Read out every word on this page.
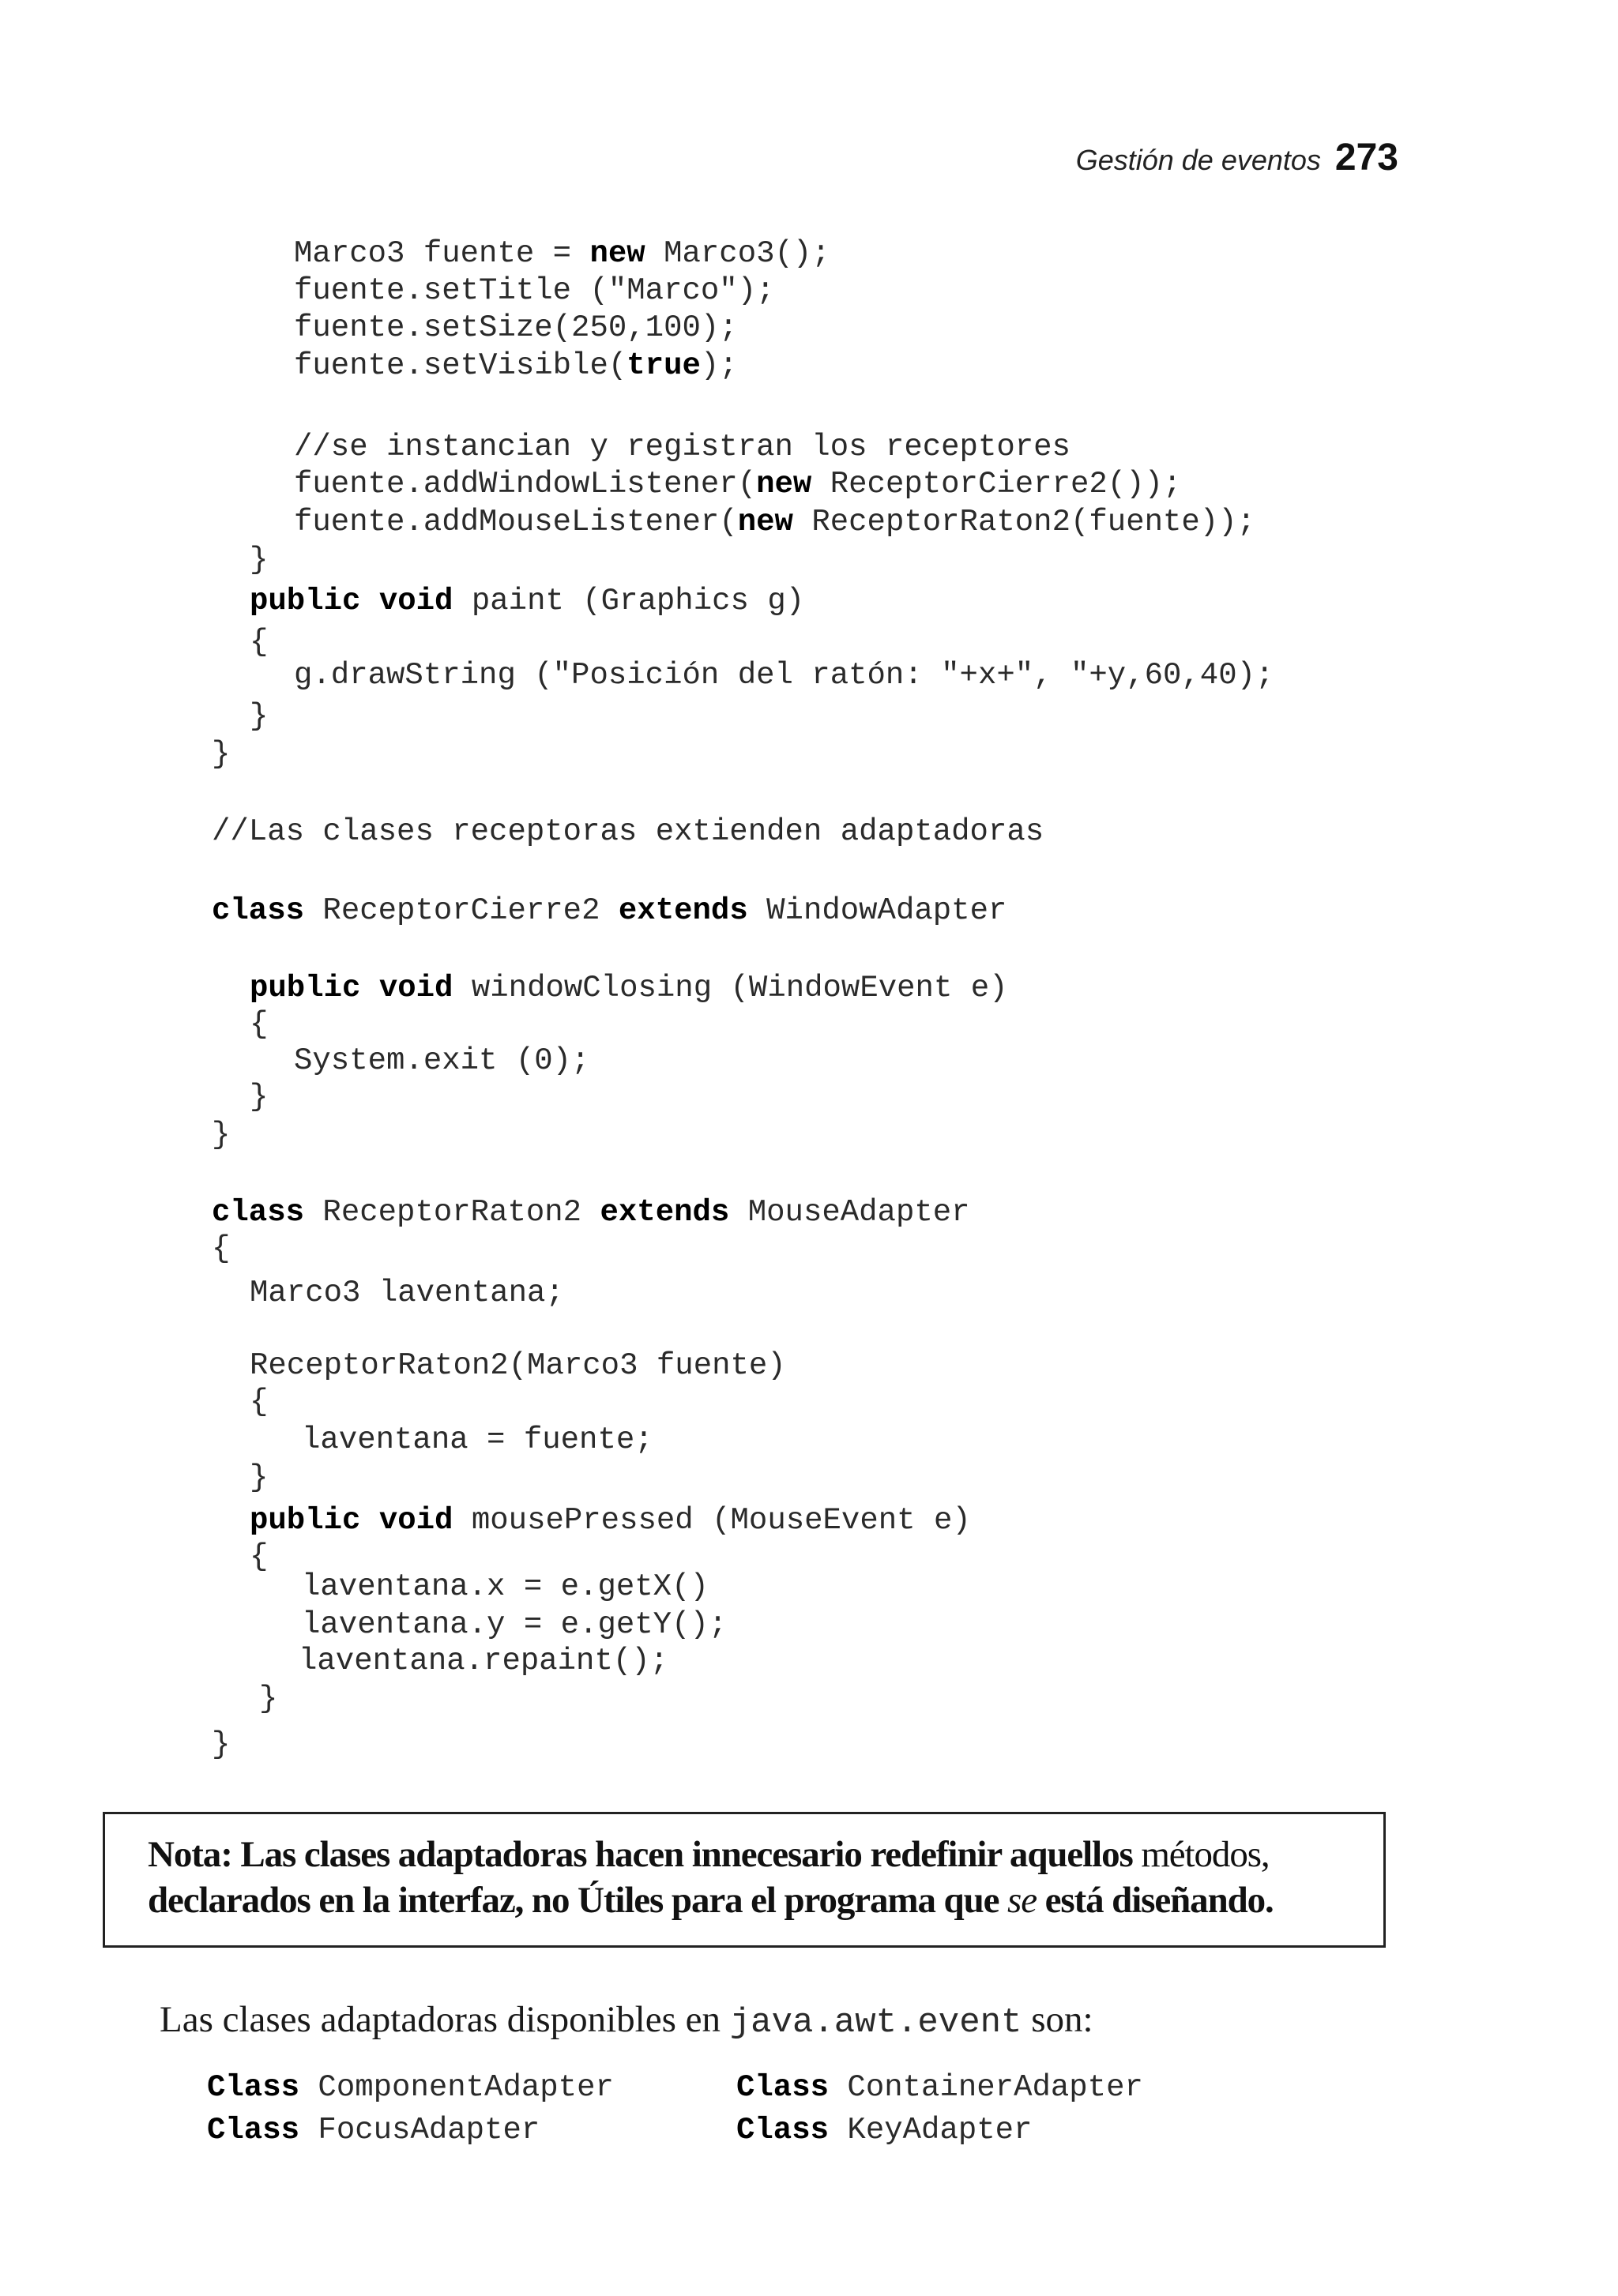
Gestión de eventos 273
Marco3 fuente = new Marco3();
fuente.setTitle ("Marco");
fuente.setSize(250,100);
fuente.setVisible(true);
//se instancian y registran los receptores
fuente.addWindowListener(new ReceptorCierre2());
fuente.addMouseListener(new ReceptorRaton2(fuente));
}
public void paint (Graphics g)
{
g.drawString ("Posición del ratón: "+x+", "+y,60,40);
}
}
//Las clases receptoras extienden adaptadoras
class ReceptorCierre2 extends WindowAdapter
public void windowClosing (WindowEvent e)
{
System.exit (0);
}
}
class ReceptorRaton2 extends MouseAdapter
{
Marco3 laventana;
ReceptorRaton2(Marco3 fuente)
{
laventana = fuente;
}
public void mousePressed (MouseEvent e)
{
laventana.x = e.getX()
laventana.y = e.getY();
laventana.repaint();
}
}
Nota: Las clases adaptadoras hacen innecesario redefinir aquellos métodos,
declarados en la interfaz, no Útiles para el programa que se está diseñando.
Las clases adaptadoras disponibles en java.awt.event son:
Class ComponentAdapter	Class ContainerAdapter
Class FocusAdapter	Class KeyAdapter
